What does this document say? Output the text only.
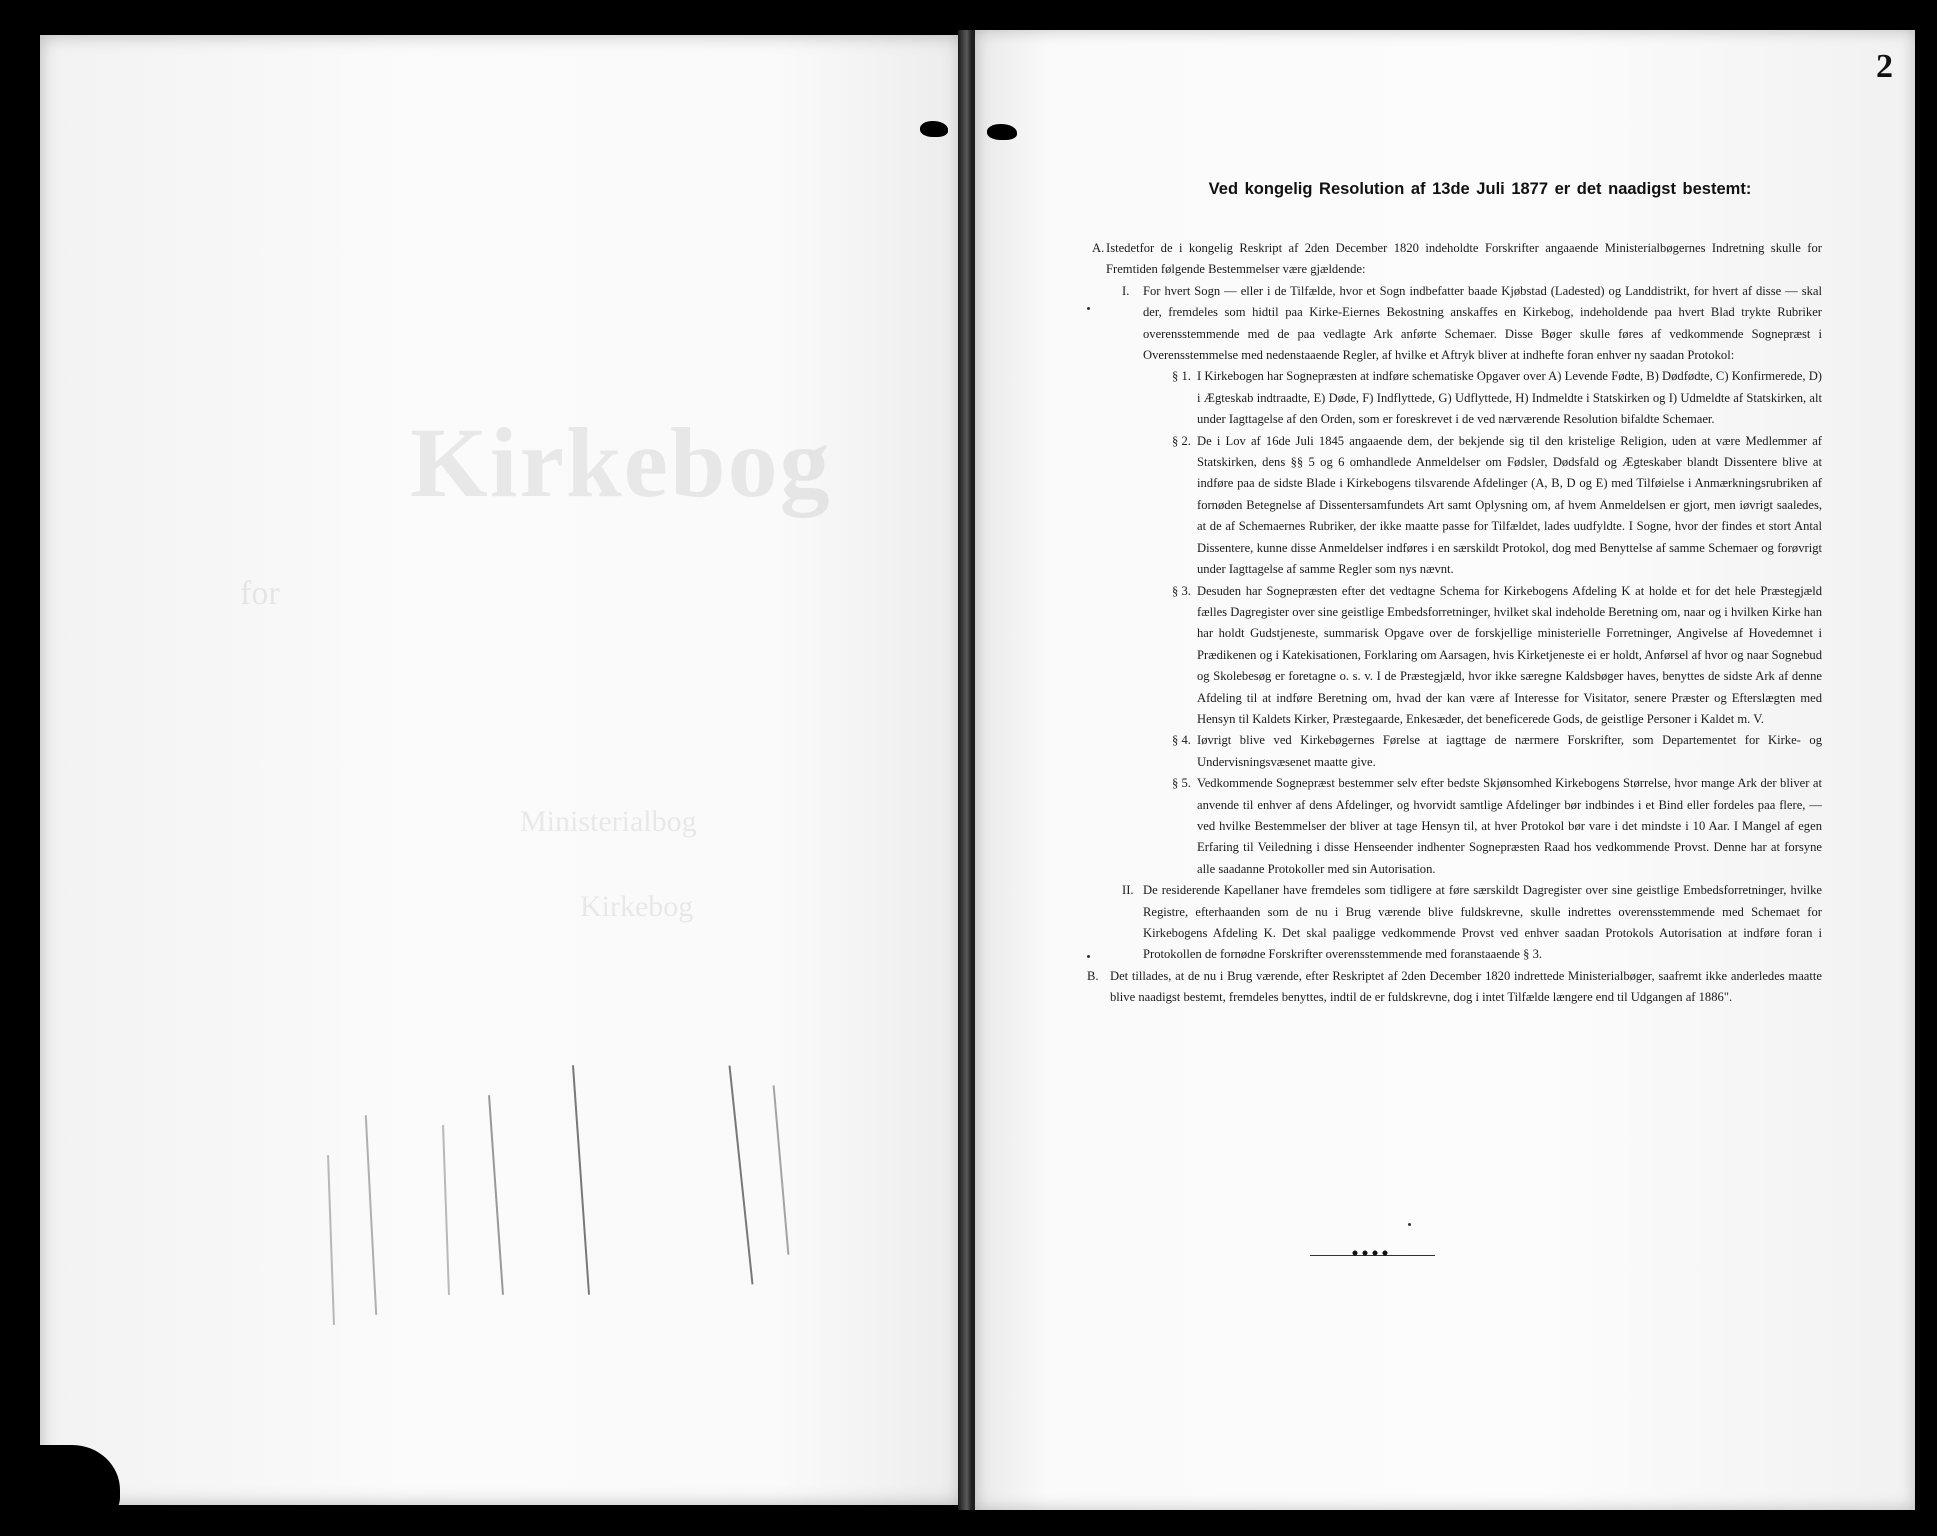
Kirkebog
for
Ministerialbog
Kirkebog
2
Ved kongelig Resolution af 13de Juli 1877 er det naadigst bestemt:
A. Istedetfor de i kongelig Reskript af 2den December 1820 indeholdte Forskrifter angaaende Ministerialbøgernes Indretning skulle for Fremtiden følgende Bestemmelser være gjældende:
I.	For hvert Sogn — eller i de Tilfælde, hvor et Sogn indbefatter baade Kjøbstad (Ladested) og Landdistrikt, for hvert af disse — skal der, fremdeles som hidtil paa Kirke-Eiernes Bekostning anskaffes en Kirkebog, indeholdende paa hvert Blad trykte Rubriker overensstemmende med de paa vedlagte Ark anførte Schemaer. Disse Bøger skulle føres af vedkommende Sognepræst i Overensstemmelse med nedenstaaende Regler, af hvilke et Aftryk bliver at indhefte foran enhver ny saadan Protokol:
§ 1. I Kirkebogen har Sognepræsten at indføre schematiske Opgaver over A) Levende Fødte, B) Dødfødte, C) Konfirmerede, D) i Ægteskab indtraadte, E) Døde, F) Indflyttede, G) Udflyttede, H) Indmeldte i Statskirken og I) Udmeldte af Statskirken, alt under Iagttagelse af den Orden, som er foreskrevet i de ved nærværende Resolution bifaldte Schemaer.
§ 2. De i Lov af 16de Juli 1845 angaaende dem, der bekjende sig til den kristelige Religion, uden at være Medlemmer af Statskirken, dens §§ 5 og 6 omhandlede Anmeldelser om Fødsler, Dødsfald og Ægteskaber blandt Dissentere blive at indføre paa de sidste Blade i Kirkebogens tilsvarende Afdelinger (A, B, D og E) med Tilføielse i Anmærkningsrubriken af fornøden Betegnelse af Dissentersamfundets Art samt Oplysning om, af hvem Anmeldelsen er gjort, men iøvrigt saaledes, at de af Schemaernes Rubriker, der ikke maatte passe for Tilfældet, lades uudfyldte. I Sogne, hvor der findes et stort Antal Dissentere, kunne disse Anmeldelser indføres i en særskildt Protokol, dog med Benyttelse af samme Schemaer og forøvrigt under Iagttagelse af samme Regler som nys nævnt.
§ 3. Desuden har Sognepræsten efter det vedtagne Schema for Kirkebogens Afdeling K at holde et for det hele Præstegjæld fælles Dagregister over sine geistlige Embedsforretninger, hvilket skal indeholde Beretning om, naar og i hvilken Kirke han har holdt Gudstjeneste, summarisk Opgave over de forskjellige ministerielle Forretninger, Angivelse af Hovedemnet i Prædikenen og i Katekisationen, Forklaring om Aarsagen, hvis Kirketjeneste ei er holdt, Anførsel af hvor og naar Sognebud og Skolebesøg er foretagne o. s. v. I de Præstegjæld, hvor ikke særegne Kaldsbøger haves, benyttes de sidste Ark af denne Afdeling til at indføre Beretning om, hvad der kan være af Interesse for Visitator, senere Præster og Efterslægten med Hensyn til Kaldets Kirker, Præstegaarde, Enkesæder, det beneficerede Gods, de geistlige Personer i Kaldet m. V.
§ 4. Iøvrigt blive ved Kirkebøgernes Førelse at iagttage de nærmere Forskrifter, som Departementet for Kirke- og Undervisningsvæsenet maatte give.
§ 5. Vedkommende Sognepræst bestemmer selv efter bedste Skjønsomhed Kirkebogens Størrelse, hvor mange Ark der bliver at anvende til enhver af dens Afdelinger, og hvorvidt samtlige Afdelinger bør indbindes i et Bind eller fordeles paa flere, — ved hvilke Bestemmelser der bliver at tage Hensyn til, at hver Protokol bør vare i det mindste i 10 Aar. I Mangel af egen Erfaring til Veiledning i disse Henseender indhenter Sognepræsten Raad hos vedkommende Provst. Denne har at forsyne alle saadanne Protokoller med sin Autorisation.
II. De residerende Kapellaner have fremdeles som tidligere at føre særskildt Dagregister over sine geistlige Embedsforretninger, hvilke Registre, efterhaanden som de nu i Brug værende blive fuldskrevne, skulle indrettes overensstemmende med Schemaet for Kirkebogens Afdeling K. Det skal paaligge vedkommende Provst ved enhver saadan Protokols Autorisation at indføre foran i Protokollen de fornødne Forskrifter overensstemmende med foranstaaende § 3.
B. Det tillades, at de nu i Brug værende, efter Reskriptet af 2den December 1820 indrettede Ministerialbøger, saafremt ikke anderledes maatte blive naadigst bestemt, fremdeles benyttes, indtil de er fuldskrevne, dog i intet Tilfælde længere end til Udgangen af 1886".
